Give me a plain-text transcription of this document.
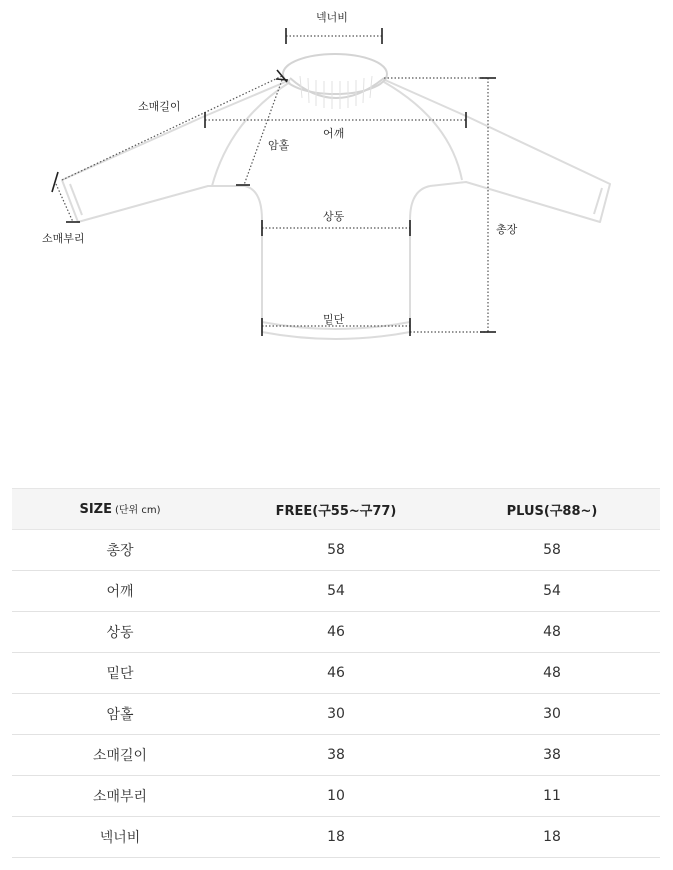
넥너비
소매길이
어깨
암홀
소매부리
상동
총장
밑단
SIZE (단위 cm)	FREE(구55~구77)	PLUS(구88~)
총장	58	58
어깨	54	54
상동	46	48
밑단	46	48
암홀	30	30
소매길이	38	38
소매부리	10	11
넥너비	18	18
